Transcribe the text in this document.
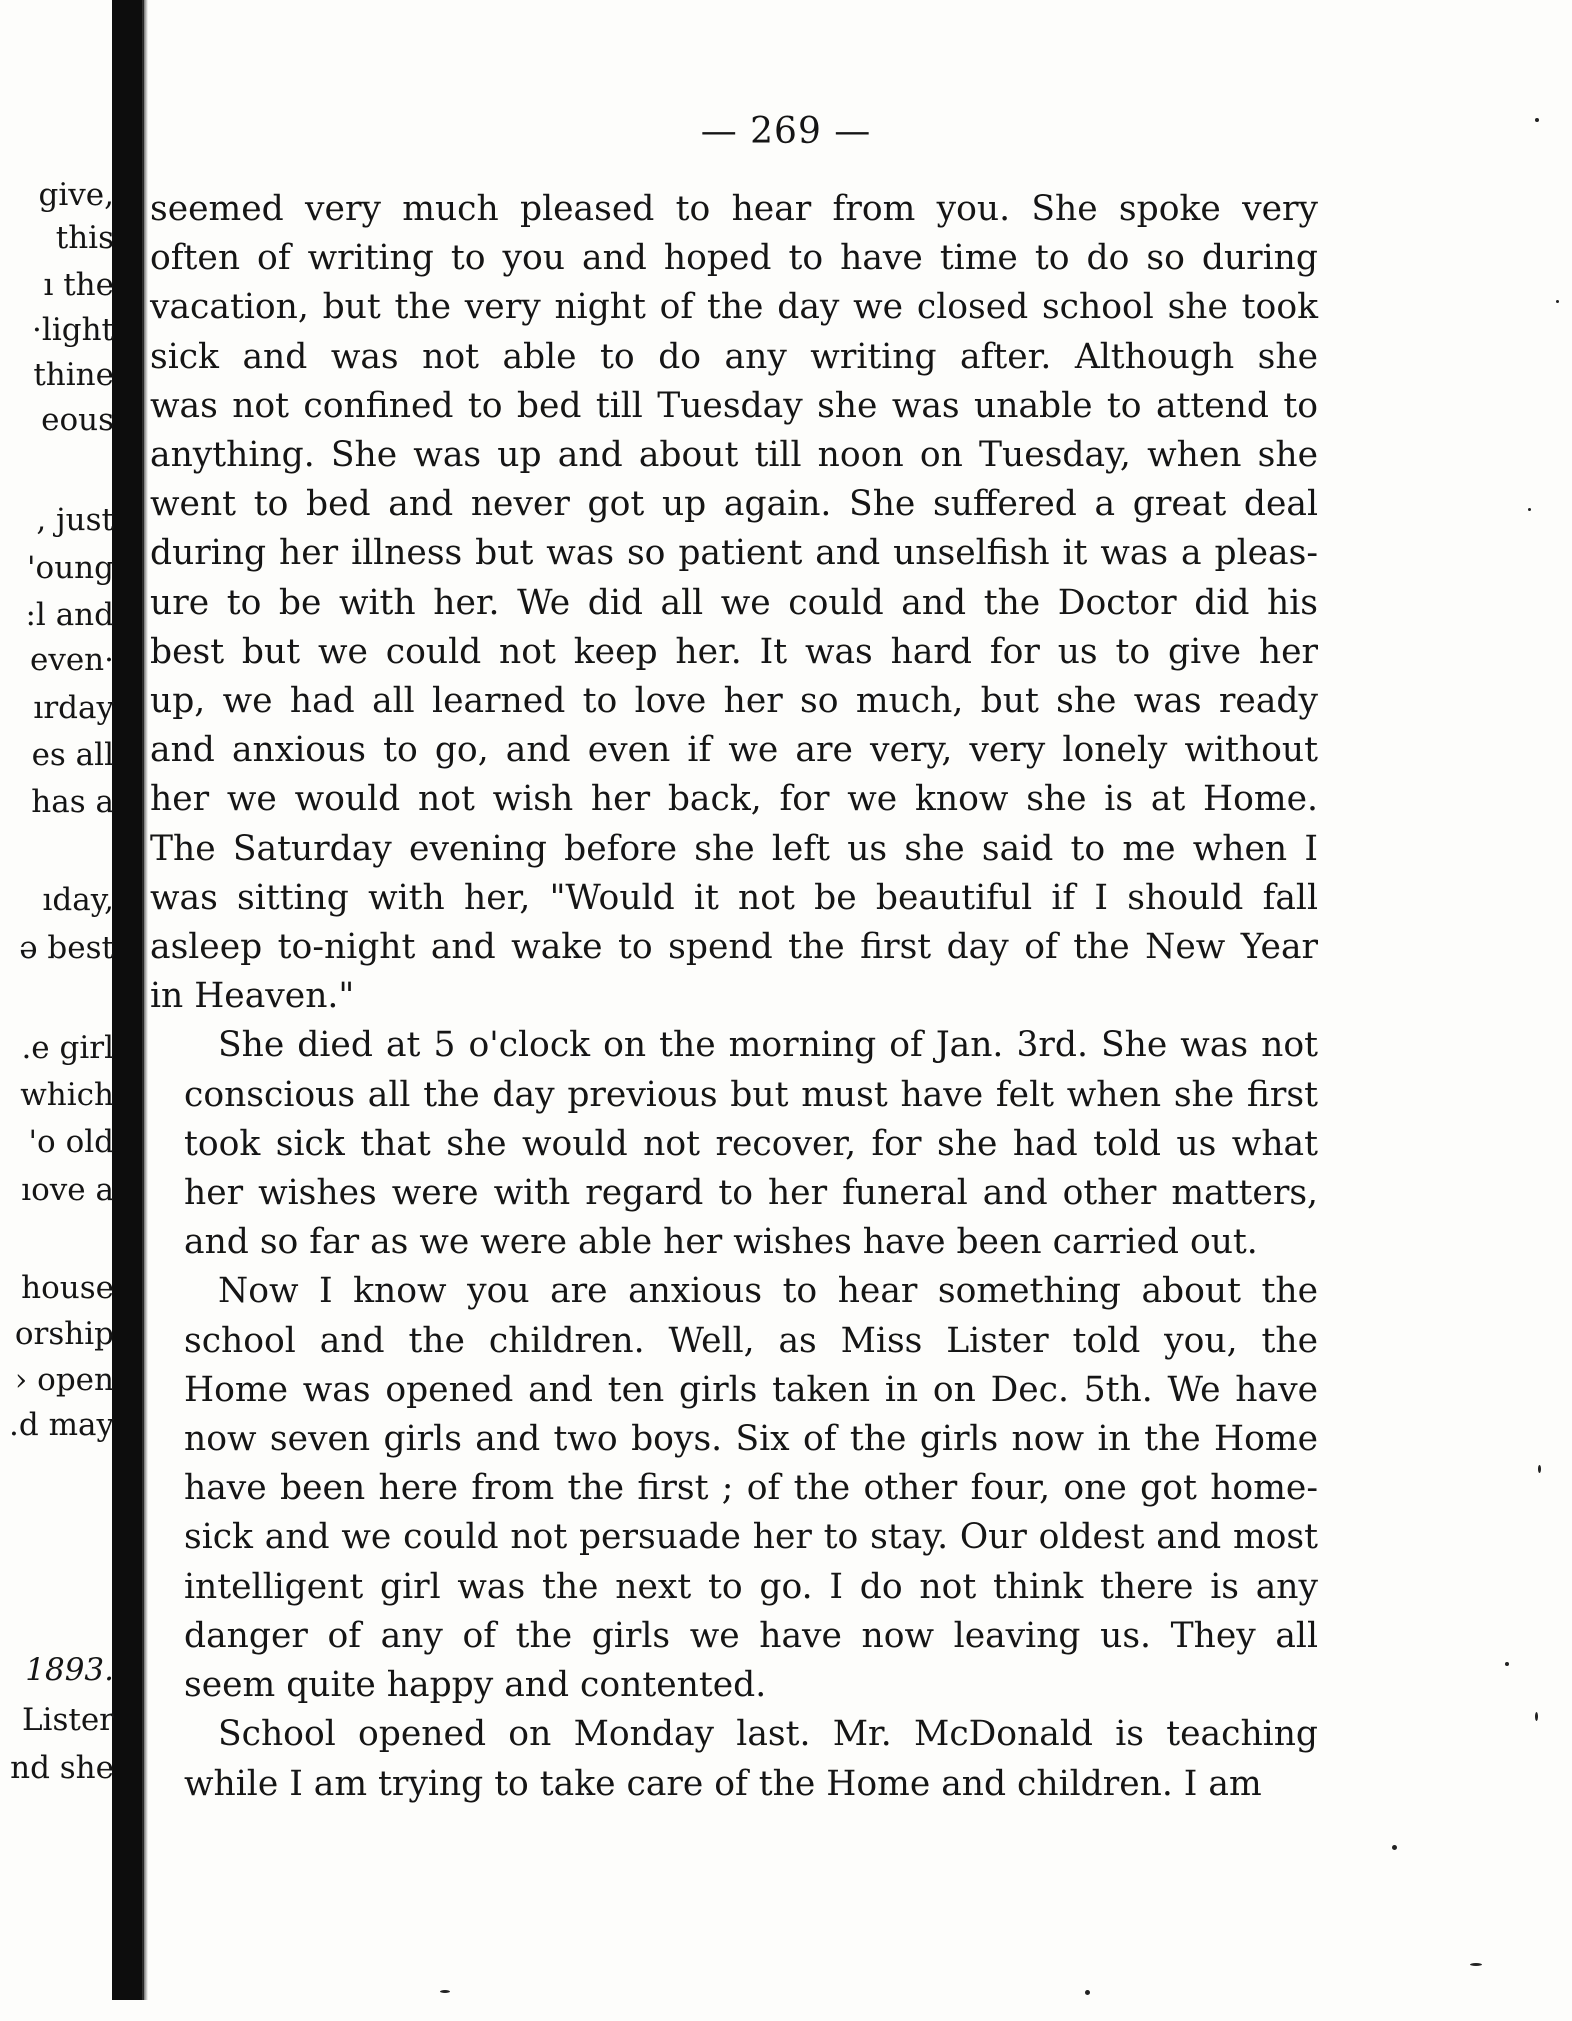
— 269 —
give,
this
ı the
·light
thine
eous
, just
'oung
:l and
even·
ırday
es all
has a
ıday,
ə best
.e girl
which
'o old
ıove a
house
orship
› open
.d may
1893.
Lister
nd she
seemed very much pleased to hear from you. She spoke very
often of writing to you and hoped to have time to do so during
vacation, but the very night of the day we closed school she took
sick and was not able to do any writing after. Although she
was not confined to bed till Tuesday she was unable to attend to
anything. She was up and about till noon on Tuesday, when she
went to bed and never got up again. She suffered a great deal
during her illness but was so patient and unselfish it was a pleas-
ure to be with her. We did all we could and the Doctor did his
best but we could not keep her. It was hard for us to give her
up, we had all learned to love her so much, but she was ready
and anxious to go, and even if we are very, very lonely without
her we would not wish her back, for we know she is at Home.
The Saturday evening before she left us she said to me when I
was sitting with her, "Would it not be beautiful if I should fall
asleep to-night and wake to spend the first day of the New Year
in Heaven."
She died at 5 o'clock on the morning of Jan. 3rd. She was not
conscious all the day previous but must have felt when she first
took sick that she would not recover, for she had told us what
her wishes were with regard to her funeral and other matters,
and so far as we were able her wishes have been carried out.
Now I know you are anxious to hear something about the
school and the children. Well, as Miss Lister told you, the
Home was opened and ten girls taken in on Dec. 5th. We have
now seven girls and two boys. Six of the girls now in the Home
have been here from the first ; of the other four, one got home-
sick and we could not persuade her to stay. Our oldest and most
intelligent girl was the next to go. I do not think there is any
danger of any of the girls we have now leaving us. They all
seem quite happy and contented.
School opened on Monday last. Mr. McDonald is teaching
while I am trying to take care of the Home and children. I am
